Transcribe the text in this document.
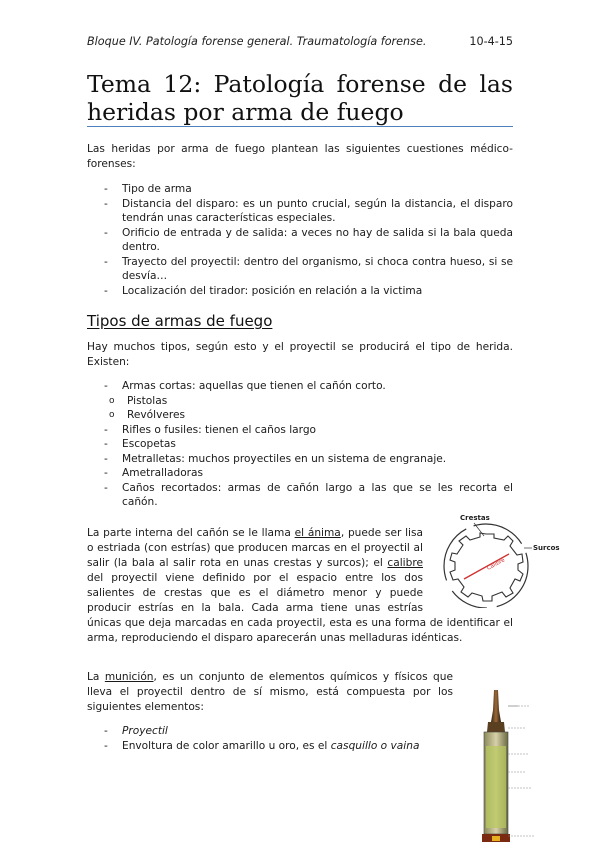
Bloque IV. Patología forense general. Traumatología forense.	10-4-15
Tema 12: Patología forense de las heridas por arma de fuego
Las heridas por arma de fuego plantean las siguientes cuestiones médico-forenses:
- Tipo de arma
- Distancia del disparo: es un punto crucial, según la distancia, el disparo tendrán unas características especiales.
- Orificio de entrada y de salida: a veces no hay de salida si la bala queda dentro.
- Trayecto del proyectil: dentro del organismo, si choca contra hueso, si se desvía…
- Localización del tirador: posición en relación a la victima
Tipos de armas de fuego
Hay muchos tipos, según esto y el proyectil se producirá el tipo de herida. Existen:
- Armas cortas: aquellas que tienen el cañón corto.
o Pistolas
o Revólveres
- Rifles o fusiles: tienen el caños largo
- Escopetas
- Metralletas: muchos proyectiles en un sistema de engranaje.
- Ametralladoras
- Caños recortados: armas de cañón largo a las que se les recorta el cañón.
La parte interna del cañón se le llama el ánima, puede ser lisa o estriada (con estrías) que producen marcas en el proyectil al salir (la bala al salir rota en unas crestas y surcos); el calibre del proyectil viene definido por el espacio entre los dos salientes de crestas que es el diámetro menor y puede producir estrías en la bala. Cada arma tiene unas estrías únicas que deja marcadas en cada proyectil, esta es una forma de identificar el arma, reproduciendo el disparo aparecerán unas melladuras idénticas.
Calibre
Crestas
Surcos
La munición, es un conjunto de elementos químicos y físicos que lleva el proyectil dentro de sí mismo, está compuesta por los siguientes elementos:
- Proyectil
- Envoltura de color amarillo u oro, es el casquillo o vaina
